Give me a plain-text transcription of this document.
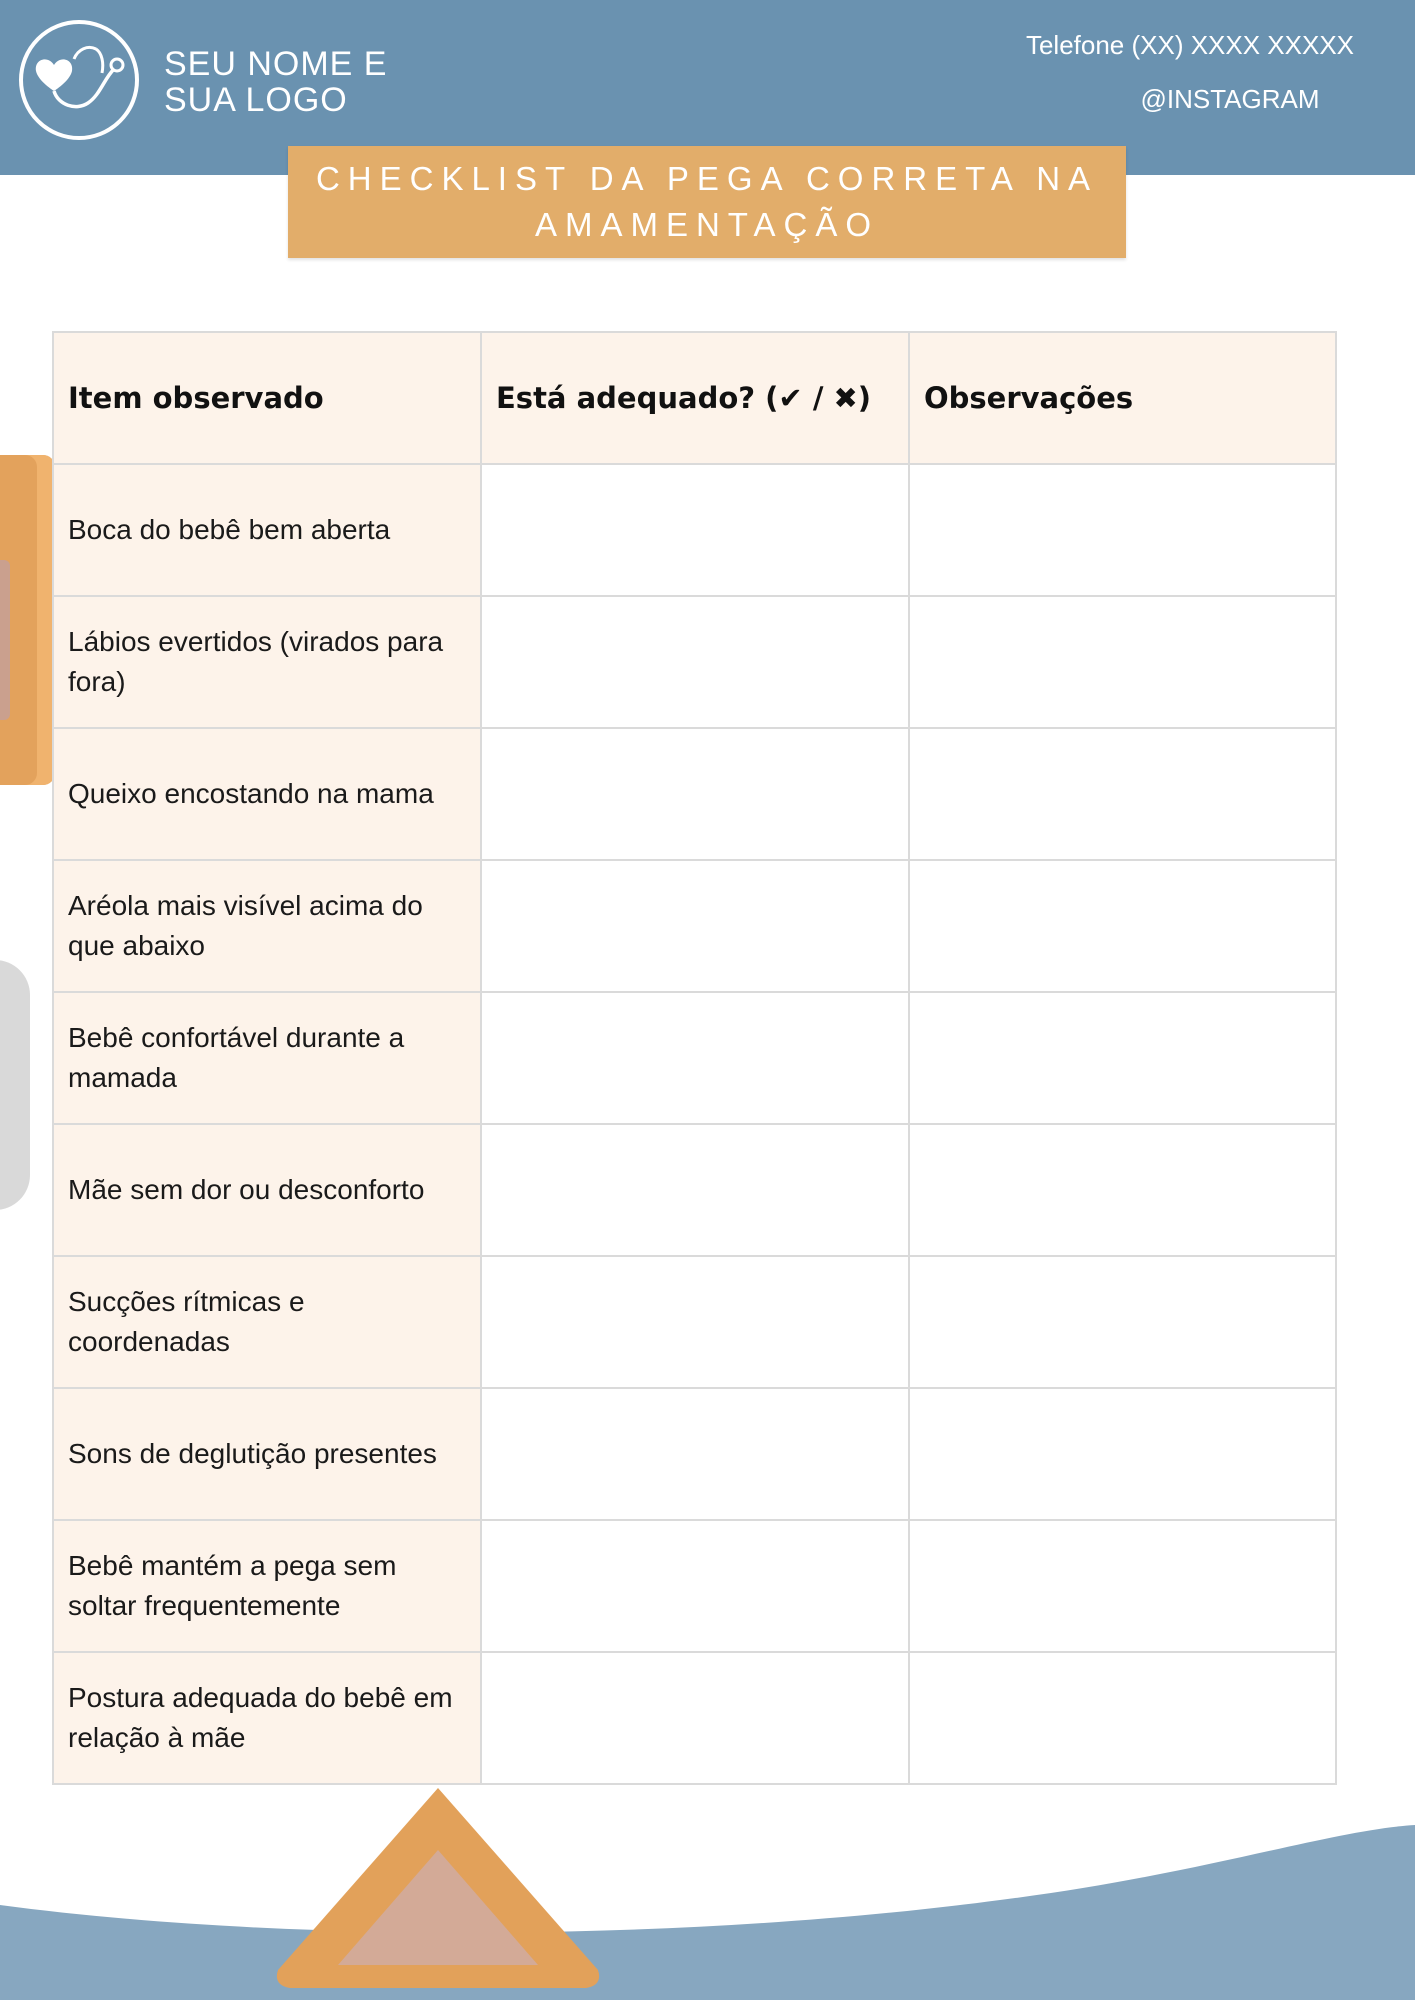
SEU NOME E SUA LOGO
Telefone (XX) XXXX XXXXX
@INSTAGRAM
CHECKLIST DA PEGA CORRETA NA AMAMENTAÇÃO
Item observado	Está adequado? (✔ / ✖)	Observações
Boca do bebê bem aberta		
Lábios evertidos (virados para fora)		
Queixo encostando na mama		
Aréola mais visível acima do que abaixo		
Bebê confortável durante a mamada		
Mãe sem dor ou desconforto		
Sucções rítmicas e coordenadas		
Sons de deglutição presentes		
Bebê mantém a pega sem soltar frequentemente		
Postura adequada do bebê em relação à mãe		
